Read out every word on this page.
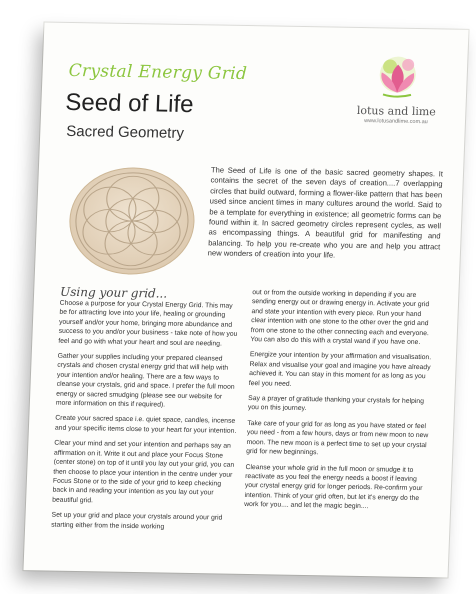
Crystal Energy Grid
Seed of Life
Sacred Geometry
lotus and lime
www.lotusandlime.com.au
The Seed of Life is one of the basic sacred geometry shapes. It contains the secret of the seven days of creation....7 overlapping circles that build outward, forming a flower-like pattern that has been used since ancient times in many cultures around the world. Said to be a template for everything in existence; all geometric forms can be found within it. In sacred geometry circles represent cycles, as well as encompassing things. A beautiful grid for manifesting and balancing. To help you re-create who you are and help you attract new wonders of creation into your life.
Using your grid...

Choose a purpose for your Crystal Energy Grid. This may be for attracting love into your life, healing or grounding yourself and/or your home, bringing more abundance and success to you and/or your business - take note of how you feel and go with what your heart and soul are needing.

Gather your supplies including your prepared cleansed crystals and chosen crystal energy grid that will help with your intention and/or healing. There are a few ways to cleanse your crystals, grid and space. I prefer the full moon energy or sacred smudging (please see our website for more information on this if required).

Create your sacred space i.e. quiet space, candles, incense and your specific items close to your heart for your intention.

Clear your mind and set your intention and perhaps say an affirmation on it. Write it out and place your Focus Stone (center stone) on top of it until you lay out your grid, you can then choose to place your intention in the centre under your Focus Stone or to the side of your grid to keep checking back in and reading your intention as you lay out your beautiful grid.

Set up your grid and place your crystals around your grid starting either from the inside working

out or from the outside working in depending if you are sending energy out or drawing energy in. Activate your grid and state your intention with every piece. Run your hand clear intention with one stone to the other over the grid and from one stone to the other connecting each and everyone. You can also do this with a crystal wand if you have one.

Energize your intention by your affirmation and visualisation. Relax and visualise your goal and imagine you have already achieved it. You can stay in this moment for as long as you feel you need.

Say a prayer of gratitude thanking your crystals for helping you on this journey.

Take care of your grid for as long as you have stated or feel you need - from a few hours, days or from new moon to new moon. The new moon is a perfect time to set up your crystal grid for new beginnings.

Cleanse your whole grid in the full moon or smudge it to reactivate as you feel the energy needs a boost if leaving your crystal energy grid for longer periods. Re-confirm your intention. Think of your grid often, but let it's energy do the work for you.... and let the magic begin....
